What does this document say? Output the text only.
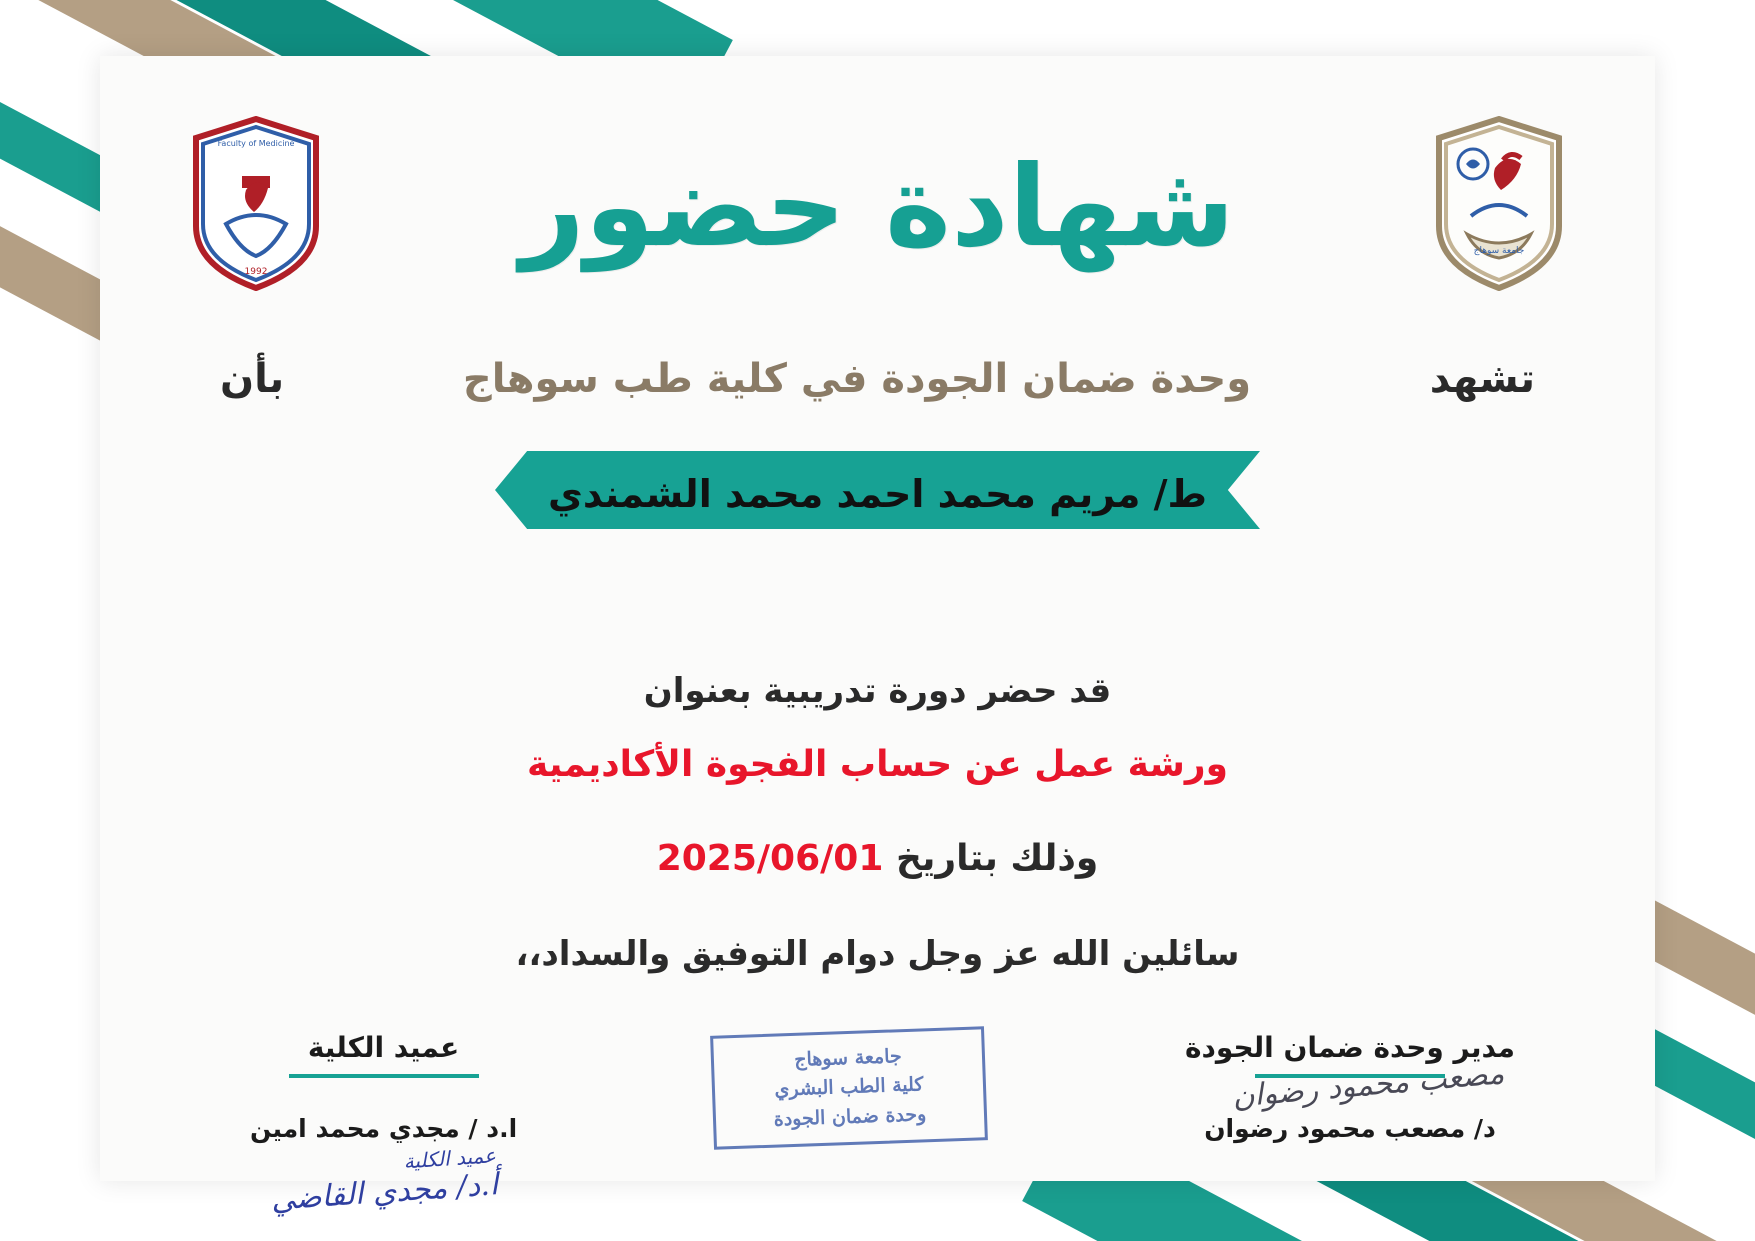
جامعة سوهاج
Faculty of Medicine
1992	شهادة حضور
تشهد
وحدة ضمان الجودة في كلية طب سوهاج
بأن
ط/ مريم محمد احمد محمد الشمندي
قد حضر دورة تدريبية بعنوان
ورشة عمل عن حساب الفجوة الأكاديمية
وذلك بتاريخ 2025/06/01
سائلين الله عز وجل دوام التوفيق والسداد،،
مدير وحدة ضمان الجودة
د/ مصعب محمود رضوان
مصعب محمود رضوان
عميد الكلية
ا.د / مجدي محمد امين
عميد الكلية
أ.د/ مجدي القاضي
جامعة سوهاج
كلية الطب البشري
وحدة ضمان الجودة
